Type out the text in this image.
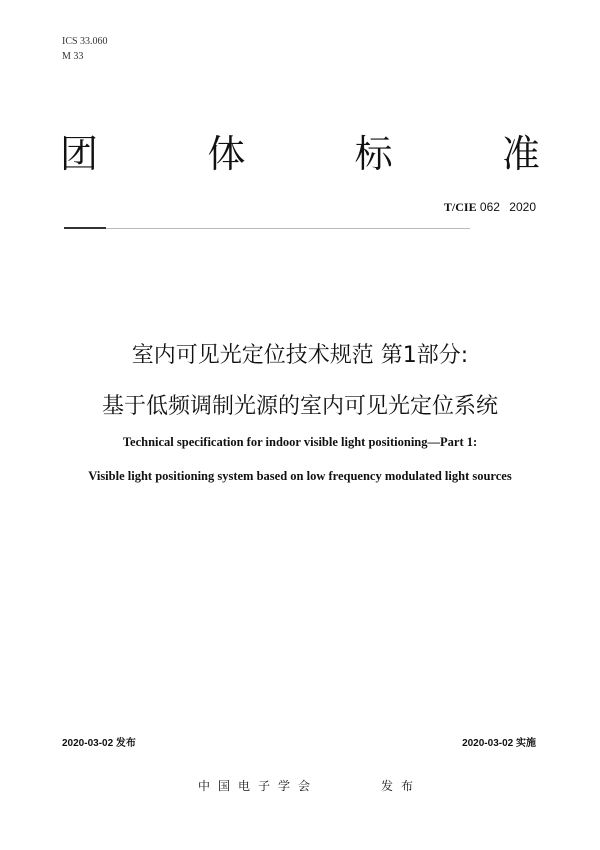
ICS 33.060
M 33
团	体	标	准
T/CIE 062 2020
室内可见光定位技术规范 第1部分:
基于低频调制光源的室内可见光定位系统
Technical specification for indoor visible light positioning—Part 1:
Visible light positioning system based on low frequency modulated light sources
2020-03-02 发布	2020-03-02 实施
中国电子学会	发布
